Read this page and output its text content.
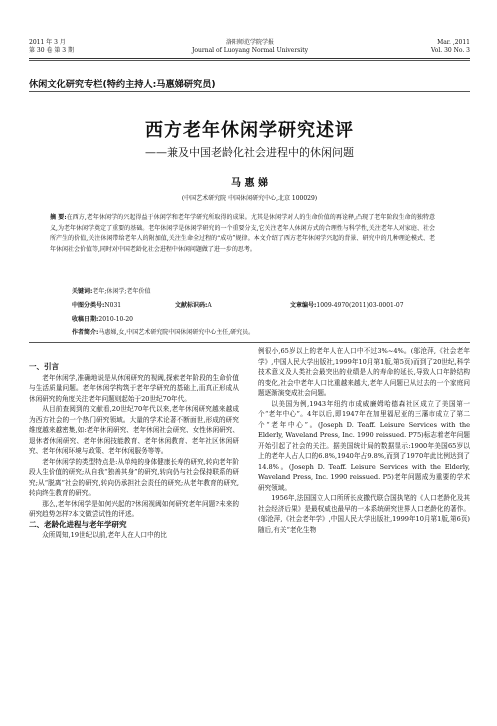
2011 年 3 月
第 30 卷 第 3 期
洛阳师范学院学报
Journal of Luoyang Normal University
Mar. ,2011
Vol. 30 No. 3
休闲文化研究专栏(特约主持人:马惠娣研究员)
西方老年休闲学研究述评
——兼及中国老龄化社会进程中的休闲问题
马 惠 娣
(中国艺术研究院 中国休闲研究中心,北京 100029)
摘 要:在西方,老年休闲学的兴起得益于休闲学和老年学研究所取得的成果。尤其是休闲学对人的生命价值的再诠释,凸现了老年阶段生命的独特意义,为老年休闲学奠定了重要的基础。老年休闲学是休闲学研究的一个重要分支,它关注老年人休闲方式的合理性与科学性,关注老年人对家庭、社会所产生的价值,关注休闲带给老年人的附加值,关注生命全过程的“成功”规律。本文介绍了西方老年休闲学兴起的背景、研究中的几种理论模式、老年休闲社会价值等,同时对中国老龄化社会进程中休闲问题做了进一步的思考。
关键词:老年;休闲学;老年价值
中图分类号:N031	文献标识码:A	文章编号:1009-4970(2011)03-0001-07
收稿日期:2010-10-20
作者简介:马惠娣,女,中国艺术研究院中国休闲研究中心主任,研究员。

一、引言

老年休闲学,准确地说是从休闲研究的视阈,探索老年阶段的生命价值与生活质量问题。老年休闲学构筑于老年学研究的基础上,而真正形成从休闲研究的角度关注老年问题则起始于20世纪70年代。

从目前查阅到的文献看,20世纪70年代以来,老年休闲研究越来越成为西方社会的一个热门研究领域。大量的学术论著不断面世,形成的研究维度越来越密集,如:老年休闲研究、老年休闲社会研究、女性休闲研究、退休者休闲研究、老年休闲技能教育、老年休闲教育、老年社区休闲研究、老年休闲环境与政策、老年休闲服务等等。

老年休闲学的类型特点是:从单纯的身体健康长寿的研究,转向老年阶段人生价值的研究;从自我“独善其身”的研究,转向仍与社会保持联系的研究;从“脱离”社会的研究,转向仍承担社会责任的研究;从老年教育的研究,转向终生教育的研究。

那么,老年休闲学是如何兴起的?休闲视阈如何研究老年问题?未来的研究趋势怎样?本文做尝试性的评述。

二、老龄化进程与老年学研究

众所周知,19世纪以前,老年人在人口中的比

例很小,65岁以上的老年人在人口中不过3%~4%。(邬沧萍,《社会老年学》,中国人民大学出版社,1999年10月第1版,第5页)而到了20世纪,科学技术意义及人类社会最突出的业绩是人的寿命的延长,导致人口年龄结构的变化,社会中老年人口比重越来越大,老年人问题已从过去的一个家庭问题逐渐演变成社会问题。

以美国为例,1943年纽约市成威廉姆哈德森社区成立了美国第一个“老年中心”。4年以后,即1947年在加里福尼亚的三藩市成立了第二个“老年中心”。(Joseph D. Teaff. Leisure Services with the Elderly, Waveland Press, Inc. 1990 reissued. P75)标志着老年问题开始引起了社会的关注。据美国统计局的数据显示:1900年美国65岁以上的老年人占人口的6.8%,1940年占9.8%,而到了1970年此比例达到了14.8%。(Joseph D. Teaff. Leisure Services with the Elderly, Waveland Press, Inc. 1990 reissued. P5)老年问题成为重要的学术研究领域。

1956年,法国国立人口所所长皮撒代联合国执笔的《人口老龄化及其社会经济后果》是最权威也最早的一本系统研究世界人口老龄化的著作。(邬沧萍,《社会老年学》,中国人民大学出版社,1999年10月第1版,第6页)随后,有关“老化生物
